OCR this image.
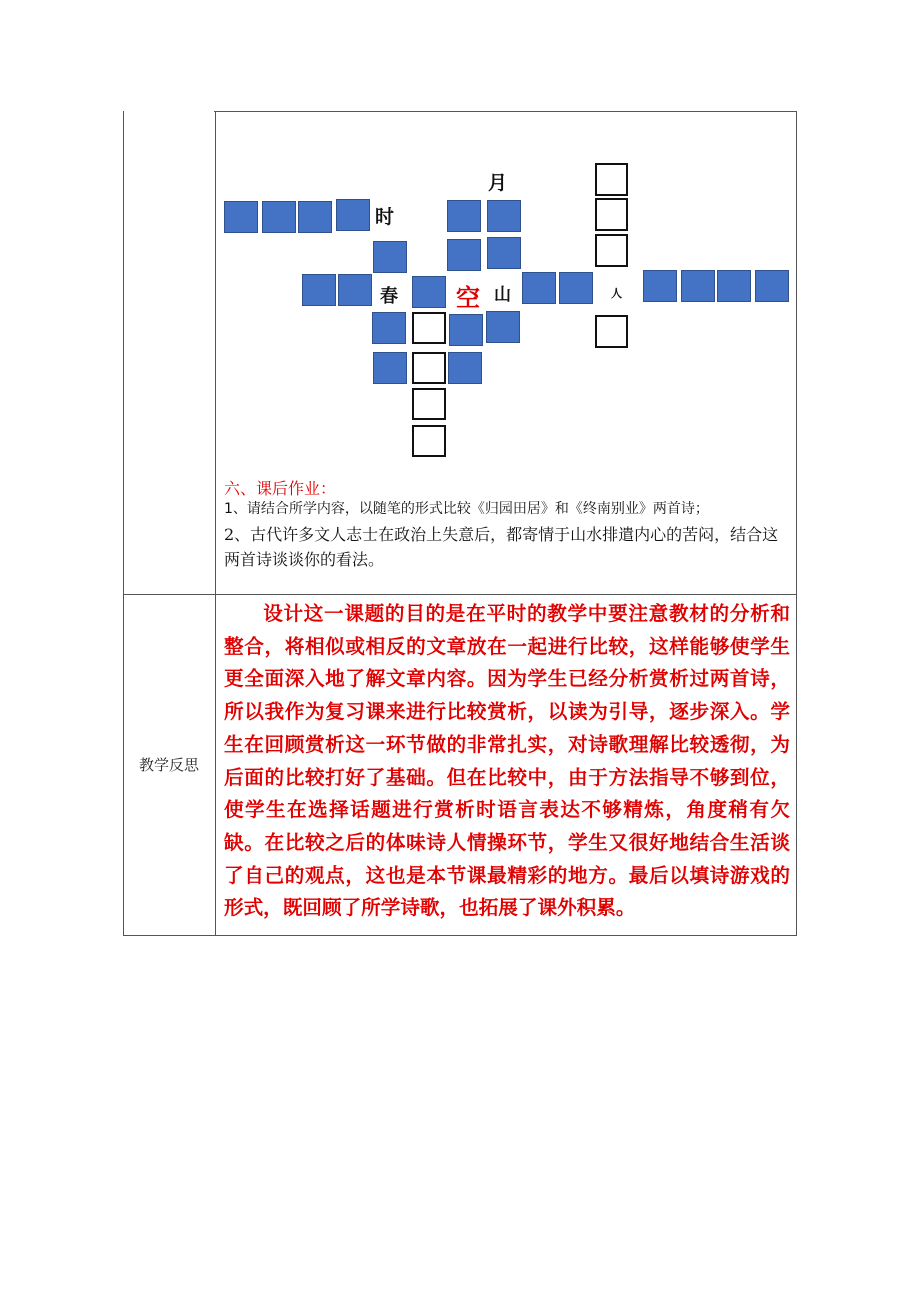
时
春 空 山	人
月
六、课后作业：
1、请结合所学内容，以随笔的形式比较《归园田居》和《终南别业》两首诗；
2、古代许多文人志士在政治上失意后，都寄情于山水排遣内心的苦闷，结合这两首诗谈谈你的看法。
教学反思
设计这一课题的目的是在平时的教学中要注意教材的分析和整合，将相似或相反的文章放在一起进行比较，这样能够使学生更全面深入地了解文章内容。因为学生已经分析赏析过两首诗，所以我作为复习课来进行比较赏析，以读为引导，逐步深入。学生在回顾赏析这一环节做的非常扎实，对诗歌理解比较透彻，为后面的比较打好了基础。但在比较中，由于方法指导不够到位，使学生在选择话题进行赏析时语言表达不够精炼，角度稍有欠缺。在比较之后的体味诗人情操环节，学生又很好地结合生活谈了自己的观点，这也是本节课最精彩的地方。最后以填诗游戏的形式，既回顾了所学诗歌，也拓展了课外积累。
